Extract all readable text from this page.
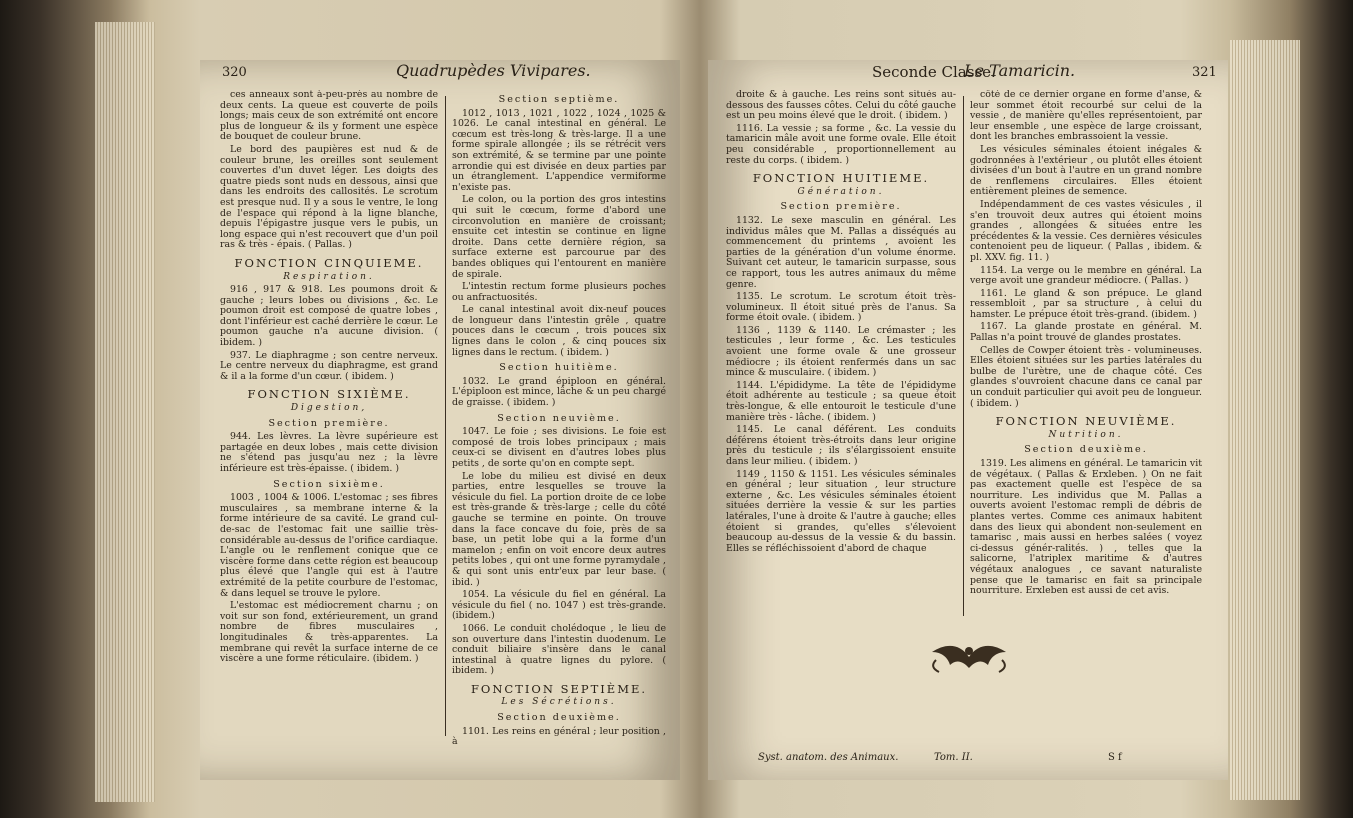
320	Quadrupèdes Vivipares.

ces anneaux sont à-peu-près au nombre de deux cents. La queue est couverte de poils longs; mais ceux de son extrémité ont encore plus de longueur & ils y forment une espèce de bouquet de couleur brune.

Le bord des paupières est nud & de couleur brune, les oreilles sont seulement couvertes d'un duvet léger. Les doigts des quatre pieds sont nuds en dessous, ainsi que dans les endroits des callosités. Le scrotum est presque nud. Il y a sous le ventre, le long de l'espace qui répond à la ligne blanche, depuis l'épigastre jusque vers le pubis, un long espace qui n'est recouvert que d'un poil ras & très - épais. ( Pallas. )

FONCTION CINQUIEME.
Respiration.

916 , 917 & 918. Les poumons droit & gauche ; leurs lobes ou divisions , &c. Le poumon droit est composé de quatre lobes , dont l'inférieur est caché derrière le cœur. Le poumon gauche n'a aucune division. ( ibidem. )

937. Le diaphragme ; son centre nerveux. Le centre nerveux du diaphragme, est grand & il a la forme d'un cœur. ( ibidem. )

FONCTION SIXIÈME.
Digestion,
Section première.

944. Les lèvres. La lèvre supérieure est partagée en deux lobes , mais cette division ne s'étend pas jusqu'au nez ; la lèvre inférieure est très-épaisse. ( ibidem. )

Section sixième.

1003 , 1004 & 1006. L'estomac ; ses fibres musculaires , sa membrane interne & la forme intérieure de sa cavité. Le grand cul-de-sac de l'estomac fait une saillie très-considérable au-dessus de l'orifice cardiaque. L'angle ou le renflement conique que ce viscère forme dans cette région est beaucoup plus élevé que l'angle qui est à l'autre extrémité de la petite courbure de l'estomac, & dans lequel se trouve le pylore.

L'estomac est médiocrement charnu ; on voit sur son fond, extérieurement, un grand nombre de fibres musculaires , longitudinales & très-apparentes. La membrane qui revêt la surface interne de ce viscère a une forme réticulaire. (ibidem. )

Section septième.

1012 , 1013 , 1021 , 1022 , 1024 , 1025 & 1026. Le canal intestinal en général. Le cœcum est très-long & très-large. Il a une forme spirale allongée ; ils se rétrécit vers son extrémité, & se termine par une pointe arrondie qui est divisée en deux parties par un étranglement. L'appendice vermiforme n'existe pas.

Le colon, ou la portion des gros intestins qui suit le cœcum, forme d'abord une circonvolution en manière de croissant; ensuite cet intestin se continue en ligne droite. Dans cette dernière région, sa surface externe est parcourue par des bandes obliques qui l'entourent en manière de spirale.

L'intestin rectum forme plusieurs poches ou anfractuosités.

Le canal intestinal avoit dix-neuf pouces de longueur dans l'intestin grêle , quatre pouces dans le cœcum , trois pouces six lignes dans le colon , & cinq pouces six lignes dans le rectum. ( ibidem. )

Section huitième.

1032. Le grand épiploon en général. L'épiploon est mince, lâche & un peu chargé de graisse. ( ibidem. )

Section neuvième.

1047. Le foie ; ses divisions. Le foie est composé de trois lobes principaux ; mais ceux-ci se divisent en d'autres lobes plus petits , de sorte qu'on en compte sept.

Le lobe du milieu est divisé en deux parties, entre lesquelles se trouve la vésicule du fiel. La portion droite de ce lobe est très-grande & très-large ; celle du côté gauche se termine en pointe. On trouve dans la face concave du foie, près de sa base, un petit lobe qui a la forme d'un mamelon ; enfin on voit encore deux autres petits lobes , qui ont une forme pyramydale , & qui sont unis entr'eux par leur base. ( ibid. )

1054. La vésicule du fiel en général. La vésicule du fiel ( no. 1047 ) est très-grande. (ibidem.)

1066. Le conduit cholédoque , le lieu de son ouverture dans l'intestin duodenum. Le conduit biliaire s'insère dans le canal intestinal à quatre lignes du pylore. ( ibidem. )

FONCTION SEPTIÈME.
Les Sécrétions.
Section deuxième.

1101. Les reins en général ; leur position , à

Seconde Classe.
Le Tamaricin.	321

droite & à gauche. Les reins sont situés au-dessous des fausses côtes. Celui du côté gauche est un peu moins élevé que le droit. ( ibidem. )

1116. La vessie ; sa forme , &c. La vessie du tamaricin mâle avoit une forme ovale. Elle étoit peu considérable , proportionnellement au reste du corps. ( ibidem. )

FONCTION HUITIEME.
Génération.
Section première.

1132. Le sexe masculin en général. Les individus mâles que M. Pallas a disséqués au commencement du printems , avoient les parties de la génération d'un volume énorme. Suivant cet auteur, le tamaricin surpasse, sous ce rapport, tous les autres animaux du même genre.

1135. Le scrotum. Le scrotum étoit très-volumineux. Il étoit situé près de l'anus. Sa forme étoit ovale. ( ibidem. )

1136 , 1139 & 1140. Le crémaster ; les testicules , leur forme , &c. Les testicules avoient une forme ovale & une grosseur médiocre ; ils étoient renfermés dans un sac mince & musculaire. ( ibidem. )

1144. L'épididyme. La tête de l'épididyme étoit adhérente au testicule ; sa queue étoit très-longue, & elle entouroit le testicule d'une manière très - lâche. ( ibidem. )

1145. Le canal déférent. Les conduits déférens étoient très-étroits dans leur origine près du testicule ; ils s'élargissoient ensuite dans leur milieu. ( ibidem. )

1149 , 1150 & 1151. Les vésicules séminales en général ; leur situation , leur structure externe , &c. Les vésicules séminales étoient situées derrière la vessie & sur les parties latérales, l'une à droite & l'autre à gauche; elles étoient si grandes, qu'elles s'élevoient beaucoup au-dessus de la vessie & du bassin. Elles se réfléchissoient d'abord de chaque

côté de ce dernier organe en forme d'anse, & leur sommet étoit recourbé sur celui de la vessie , de manière qu'elles représentoient, par leur ensemble , une espèce de large croissant, dont les branches embrassoient la vessie.

Les vésicules séminales étoient inégales & godronnées à l'extérieur , ou plutôt elles étoient divisées d'un bout à l'autre en un grand nombre de renflemens circulaires. Elles étoient entièrement pleines de semence.

Indépendamment de ces vastes vésicules , il s'en trouvoit deux autres qui étoient moins grandes , allongées & situées entre les précédentes & la vessie. Ces dernières vésicules contenoient peu de liqueur. ( Pallas , ibidem. & pl. XXV. fig. 11. )

1154. La verge ou le membre en général. La verge avoit une grandeur médiocre. ( Pallas. )

1161. Le gland & son prépuce. Le gland ressembloit , par sa structure , à celui du hamster. Le prépuce étoit très-grand. (ibidem. )

1167. La glande prostate en général. M. Pallas n'a point trouvé de glandes prostates.

Celles de Cowper étoient très - volumineuses. Elles étoient situées sur les parties latérales du bulbe de l'urètre, une de chaque côté. Ces glandes s'ouvroient chacune dans ce canal par un conduit particulier qui avoit peu de longueur. ( ibidem. )

FONCTION NEUVIÈME.
Nutrition.
Section deuxième.

1319. Les alimens en général. Le tamaricin vit de végétaux. ( Pallas & Erxleben. ) On ne fait pas exactement quelle est l'espèce de sa nourriture. Les individus que M. Pallas a ouverts avoient l'estomac rempli de débris de plantes vertes. Comme ces animaux habitent dans des lieux qui abondent non-seulement en tamarisc , mais aussi en herbes salées ( voyez ci-dessus génér-ralités. ) , telles que la salicorne, l'atriplex maritime & d'autres végétaux analogues , ce savant naturaliste pense que le tamarisc en fait sa principale nourriture. Erxleben est aussi de cet avis.

Syst. anatom. des Animaux.	Tom. II.	S f
